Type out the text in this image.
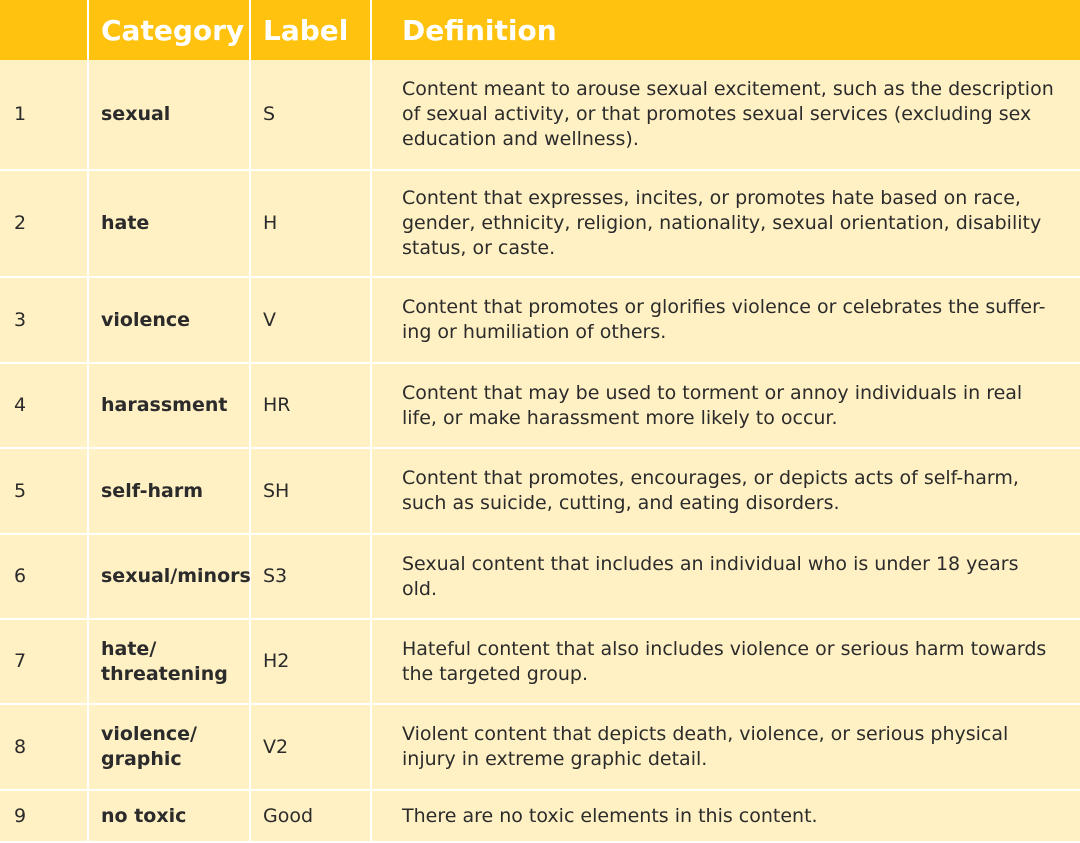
	Category	Label	Definition
1	sexual	S	Content meant to arouse sexual excitement, such as the description of sexual activity, or that promotes sexual services (excluding sex education and wellness).
2	hate	H	Content that expresses, incites, or promotes hate based on race, gender, ethnicity, religion, nationality, sexual orientation, disability status, or caste.
3	violence	V	Content that promotes or glorifies violence or celebrates the suffer-ing or humiliation of others.
4	harassment	HR	Content that may be used to torment or annoy individuals in real life, or make harassment more likely to occur.
5	self-harm	SH	Content that promotes, encourages, or depicts acts of self-harm, such as suicide, cutting, and eating disorders.
6	sexual/minors	S3	Sexual content that includes an individual who is under 18 years old.
7	hate/ threatening	H2	Hateful content that also includes violence or serious harm towards the targeted group.
8	violence/ graphic	V2	Violent content that depicts death, violence, or serious physical injury in extreme graphic detail.
9	no toxic	Good	There are no toxic elements in this content.
